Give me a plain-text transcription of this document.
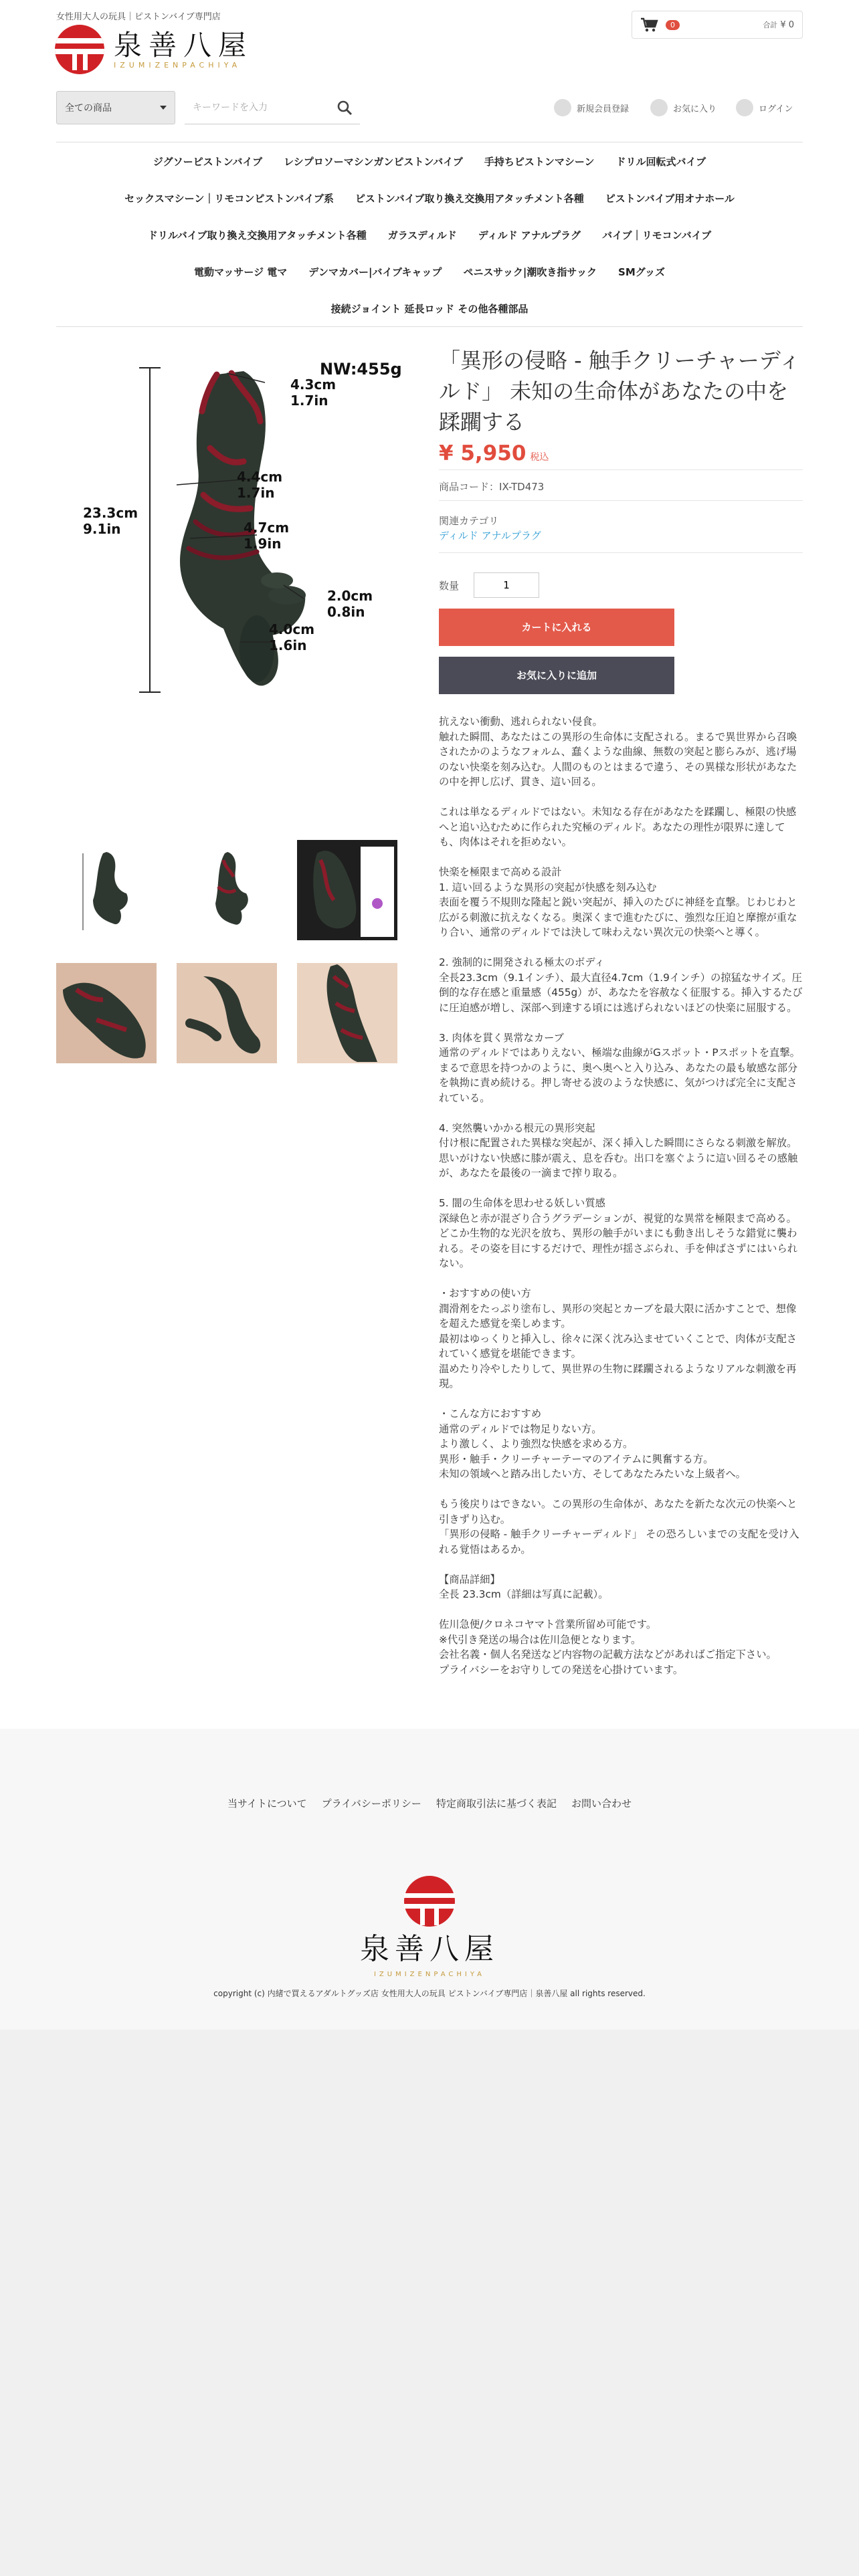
女性用大人の玩具｜ピストンバイブ専門店
泉善八屋
IZUMIZENPACHIYA
0	合計 ¥ 0
全ての商品
キーワードを入力	新規会員登録	お気に入り	ログイン
ジグソーピストンバイブ レシプロソーマシンガンピストンバイブ 手持ちピストンマシーン ドリル回転式バイブ
セックスマシーン｜リモコンピストンバイブ系 ピストンバイブ取り換え交換用アタッチメント各種 ピストンバイブ用オナホール
ドリルバイブ取り換え交換用アタッチメント各種 ガラスディルド ディルド アナルプラグ バイブ｜リモコンバイブ
電動マッサージ 電マ デンマカバー|バイブキャップ ペニスサック|潮吹き指サック SMグッズ
接続ジョイント 延長ロッド その他各種部品
NW:455g
4.3cm 1.7in
4.4cm 1.7in
4.7cm 1.9in
2.0cm 0.8in
4.0cm 1.6in
23.3cm 9.1in
「異形の侵略 - 触手クリーチャーディルド」 未知の生命体があなたの中を蹂躙する
¥ 5,950 税込
商品コード：IX-TD473
関連カテゴリ
ディルド アナルプラグ
数量
1
カートに入れる
お気に入りに追加

抗えない衝動、逃れられない侵食。
触れた瞬間、あなたはこの異形の生命体に支配される。まるで異世界から召喚されたかのようなフォルム、蠢くような曲線、無数の突起と膨らみが、逃げ場のない快楽を刻み込む。人間のものとはまるで違う、その異様な形状があなたの中を押し広げ、貫き、這い回る。

これは単なるディルドではない。未知なる存在があなたを蹂躙し、極限の快感へと追い込むために作られた究極のディルド。あなたの理性が限界に達しても、肉体はそれを拒めない。

快楽を極限まで高める設計
1. 這い回るような異形の突起が快感を刻み込む
表面を覆う不規則な隆起と鋭い突起が、挿入のたびに神経を直撃。じわじわと広がる刺激に抗えなくなる。奥深くまで進むたびに、強烈な圧迫と摩擦が重なり合い、通常のディルドでは決して味わえない異次元の快楽へと導く。

2. 強制的に開発される極太のボディ
全長23.3cm（9.1インチ）、最大直径4.7cm（1.9インチ）の掠猛なサイズ。圧倒的な存在感と重量感（455g）が、あなたを容赦なく征服する。挿入するたびに圧迫感が増し、深部へ到達する頃には逃げられないほどの快楽に屈服する。

3. 肉体を貫く異常なカーブ
通常のディルドではありえない、極端な曲線がGスポット・Pスポットを直撃。まるで意思を持つかのように、奥へ奥へと入り込み、あなたの最も敏感な部分を執拗に責め続ける。押し寄せる波のような快感に、気がつけば完全に支配されている。

4. 突然襲いかかる根元の異形突起
付け根に配置された異様な突起が、深く挿入した瞬間にさらなる刺激を解放。思いがけない快感に膝が震え、息を呑む。出口を塞ぐように這い回るその感触が、あなたを最後の一滴まで搾り取る。

5. 闇の生命体を思わせる妖しい質感
深緑色と赤が混ざり合うグラデーションが、視覚的な異常を極限まで高める。どこか生物的な光沢を放ち、異形の触手がいまにも動き出しそうな錯覚に襲われる。その姿を目にするだけで、理性が揺さぶられ、手を伸ばさずにはいられない。

・おすすめの使い方
潤滑剤をたっぷり塗布し、異形の突起とカーブを最大限に活かすことで、想像を超えた感覚を楽しめます。
最初はゆっくりと挿入し、徐々に深く沈み込ませていくことで、肉体が支配されていく感覚を堪能できます。
温めたり冷やしたりして、異世界の生物に蹂躙されるようなリアルな刺激を再現。

・こんな方におすすめ
通常のディルドでは物足りない方。
より激しく、より強烈な快感を求める方。
異形・触手・クリーチャーテーマのアイテムに興奮する方。
未知の領域へと踏み出したい方、そしてあなたみたいな上級者へ。

もう後戻りはできない。この異形の生命体が、あなたを新たな次元の快楽へと引きずり込む。
「異形の侵略 - 触手クリーチャーディルド」 その恐ろしいまでの支配を受け入れる覚悟はあるか。

【商品詳細】
全長 23.3cm（詳細は写真に記載）。

佐川急便/クロネコヤマト営業所留め可能です。
※代引き発送の場合は佐川急便となります。
会社名義・個人名発送など内容物の記載方法などがあればご指定下さい。
プライバシーをお守りしての発送を心掛けています。

当サイトについて プライバシーポリシー 特定商取引法に基づく表記 お問い合わせ
泉善八屋
IZUMIZENPACHIYA
copyright (c) 内緒で買えるアダルトグッズ店 女性用大人の玩具 ピストンバイブ専門店｜泉善八屋 all rights reserved.
